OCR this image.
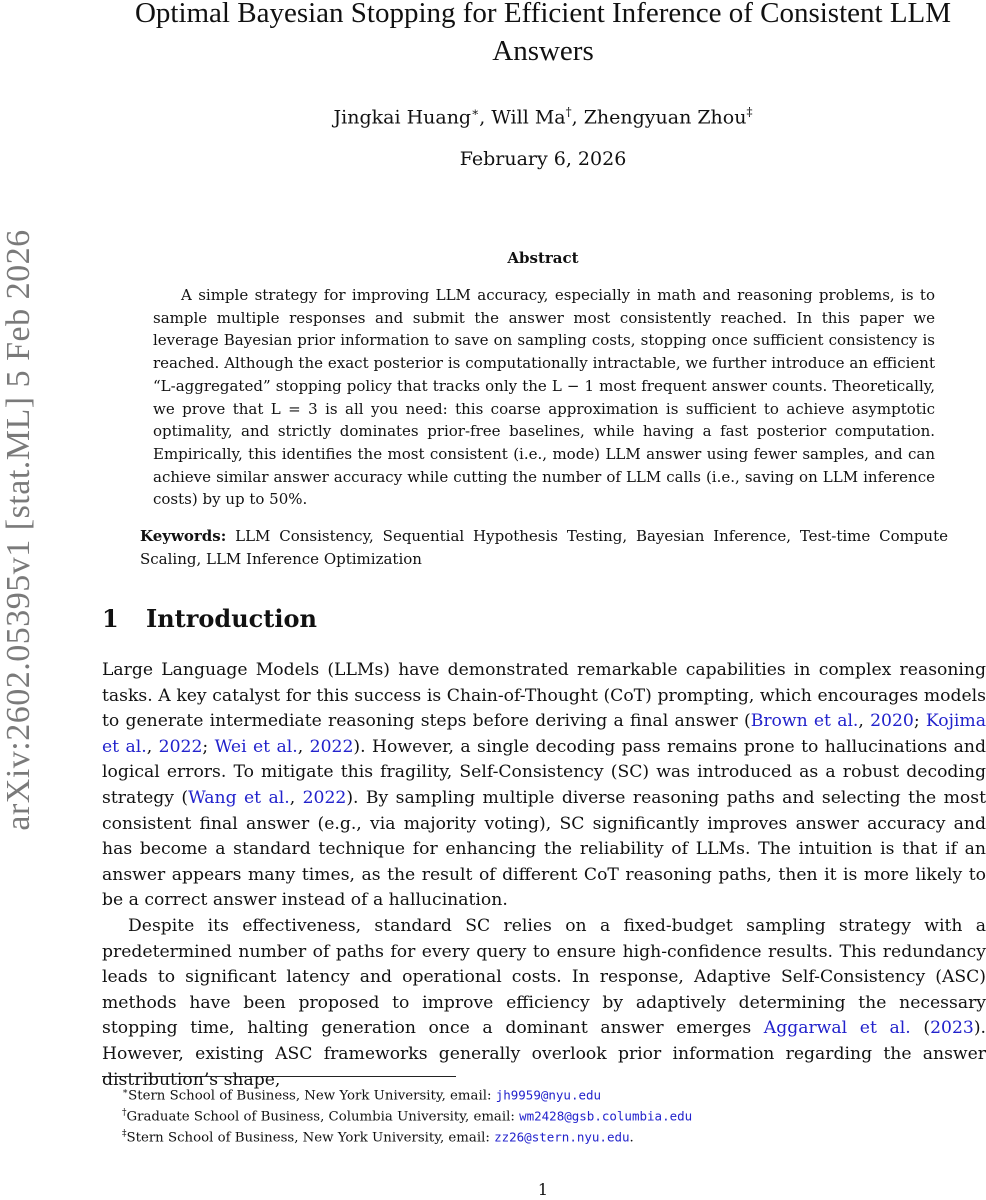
arXiv:2602.05395v1 [stat.ML] 5 Feb 2026
Optimal Bayesian Stopping for Efficient Inference of Consistent LLM Answers
Jingkai Huang∗, Will Ma†, Zhengyuan Zhou‡
February 6, 2026
Abstract

A simple strategy for improving LLM accuracy, especially in math and reasoning problems, is to sample multiple responses and submit the answer most consistently reached. In this paper we leverage Bayesian prior information to save on sampling costs, stopping once sufficient consistency is reached. Although the exact posterior is computationally intractable, we further introduce an efficient “L-aggregated” stopping policy that tracks only the L − 1 most frequent answer counts. Theoretically, we prove that L = 3 is all you need: this coarse approximation is sufficient to achieve asymptotic optimality, and strictly dominates prior-free baselines, while having a fast posterior computation. Empirically, this identifies the most consistent (i.e., mode) LLM answer using fewer samples, and can achieve similar answer accuracy while cutting the number of LLM calls (i.e., saving on LLM inference costs) by up to 50%.

Keywords: LLM Consistency, Sequential Hypothesis Testing, Bayesian Inference, Test-time Compute Scaling, LLM Inference Optimization

1 Introduction

Large Language Models (LLMs) have demonstrated remarkable capabilities in complex reasoning tasks. A key catalyst for this success is Chain-of-Thought (CoT) prompting, which encourages models to generate intermediate reasoning steps before deriving a final answer (Brown et al., 2020; Kojima et al., 2022; Wei et al., 2022). However, a single decoding pass remains prone to hallucinations and logical errors. To mitigate this fragility, Self-Consistency (SC) was introduced as a robust decoding strategy (Wang et al., 2022). By sampling multiple diverse reasoning paths and selecting the most consistent final answer (e.g., via majority voting), SC significantly improves answer accuracy and has become a standard technique for enhancing the reliability of LLMs. The intuition is that if an answer appears many times, as the result of different CoT reasoning paths, then it is more likely to be a correct answer instead of a hallucination.

Despite its effectiveness, standard SC relies on a fixed-budget sampling strategy with a predetermined number of paths for every query to ensure high-confidence results. This redundancy leads to significant latency and operational costs. In response, Adaptive Self-Consistency (ASC) methods have been proposed to improve efficiency by adaptively determining the necessary stopping time, halting generation once a dominant answer emerges Aggarwal et al. (2023). However, existing ASC frameworks generally overlook prior information regarding the answer distribution’s shape,

∗Stern School of Business, New York University, email: jh9959@nyu.edu
†Graduate School of Business, Columbia University, email: wm2428@gsb.columbia.edu
‡Stern School of Business, New York University, email: zz26@stern.nyu.edu.
1
